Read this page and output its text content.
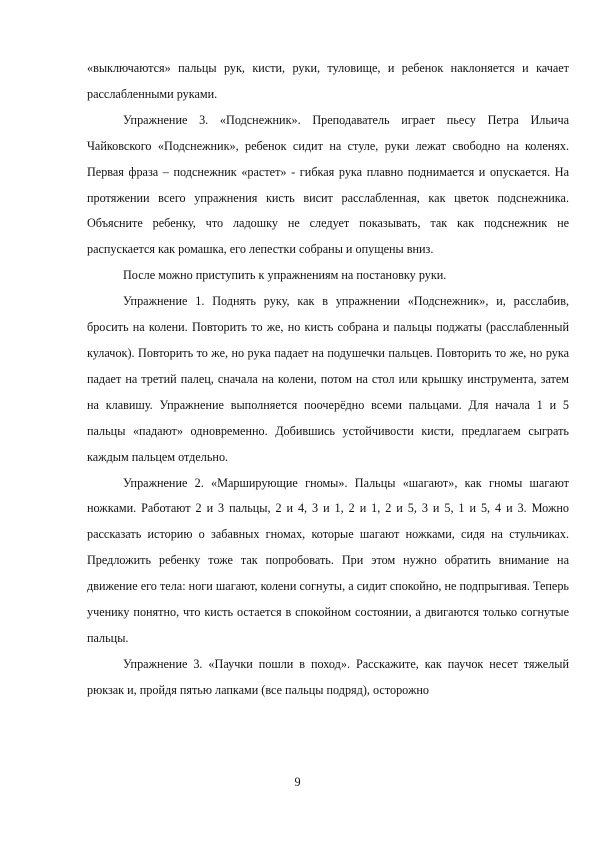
«выключаются» пальцы рук, кисти, руки, туловище, и ребенок наклоняется и качает расслабленными руками.

Упражнение 3. «Подснежник». Преподаватель играет пьесу Петра Ильича Чайковского «Подснежник», ребенок сидит на стуле, руки лежат свободно на коленях. Первая фраза – подснежник «растет» - гибкая рука плавно поднимается и опускается. На протяжении всего упражнения кисть висит расслабленная, как цветок подснежника. Объясните ребенку, что ладошку не следует показывать, так как подснежник не распускается как ромашка, его лепестки собраны и опущены вниз.

После можно приступить к упражнениям на постановку руки.

Упражнение 1. Поднять руку, как в упражнении «Подснежник», и, расслабив, бросить на колени. Повторить то же, но кисть собрана и пальцы поджаты (расслабленный кулачок). Повторить то же, но рука падает на подушечки пальцев. Повторить то же, но рука падает на третий палец, сначала на колени, потом на стол или крышку инструмента, затем на клавишу. Упражнение выполняется поочерёдно всеми пальцами. Для начала 1 и 5 пальцы «падают» одновременно. Добившись устойчивости кисти, предлагаем сыграть каждым пальцем отдельно.

Упражнение 2. «Марширующие гномы». Пальцы «шагают», как гномы шагают ножками. Работают 2 и 3 пальцы, 2 и 4, 3 и 1, 2 и 1, 2 и 5, 3 и 5, 1 и 5, 4 и 3. Можно рассказать историю о забавных гномах, которые шагают ножками, сидя на стульчиках. Предложить ребенку тоже так попробовать. При этом нужно обратить внимание на движение его тела: ноги шагают, колени согнуты, а сидит спокойно, не подпрыгивая. Теперь ученику понятно, что кисть остается в спокойном состоянии, а двигаются только согнутые пальцы.

Упражнение 3. «Паучки пошли в поход». Расскажите, как паучок несет тяжелый рюкзак и, пройдя пятью лапками (все пальцы подряд), осторожно

9
